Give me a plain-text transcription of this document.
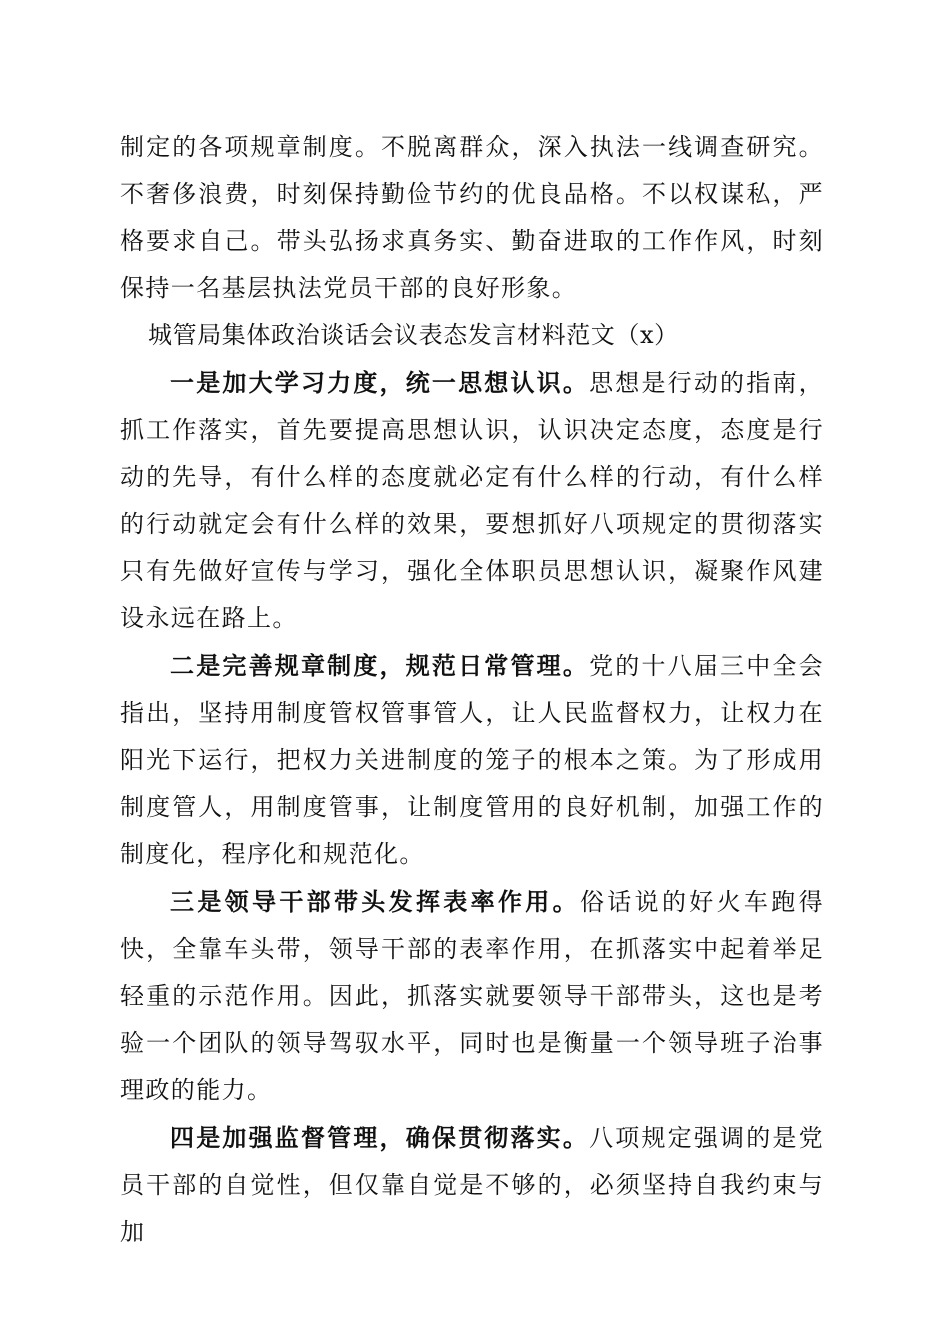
制定的各项规章制度。不脱离群众，深入执法一线调查研究。不奢侈浪费，时刻保持勤俭节约的优良品格。不以权谋私，严格要求自己。带头弘扬求真务实、勤奋进取的工作作风，时刻保持一名基层执法党员干部的良好形象。

城管局集体政治谈话会议表态发言材料范文（x）

一是加大学习力度，统一思想认识。思想是行动的指南，抓工作落实，首先要提高思想认识，认识决定态度，态度是行动的先导，有什么样的态度就必定有什么样的行动，有什么样的行动就定会有什么样的效果，要想抓好八项规定的贯彻落实只有先做好宣传与学习，强化全体职员思想认识，凝聚作风建设永远在路上。

二是完善规章制度，规范日常管理。党的十八届三中全会指出，坚持用制度管权管事管人，让人民监督权力，让权力在阳光下运行，把权力关进制度的笼子的根本之策。为了形成用制度管人，用制度管事，让制度管用的良好机制，加强工作的制度化，程序化和规范化。

三是领导干部带头发挥表率作用。俗话说的好火车跑得快，全靠车头带，领导干部的表率作用，在抓落实中起着举足轻重的示范作用。因此，抓落实就要领导干部带头，这也是考验一个团队的领导驾驭水平，同时也是衡量一个领导班子治事理政的能力。

四是加强监督管理，确保贯彻落实。八项规定强调的是党员干部的自觉性，但仅靠自觉是不够的，必须坚持自我约束与加
